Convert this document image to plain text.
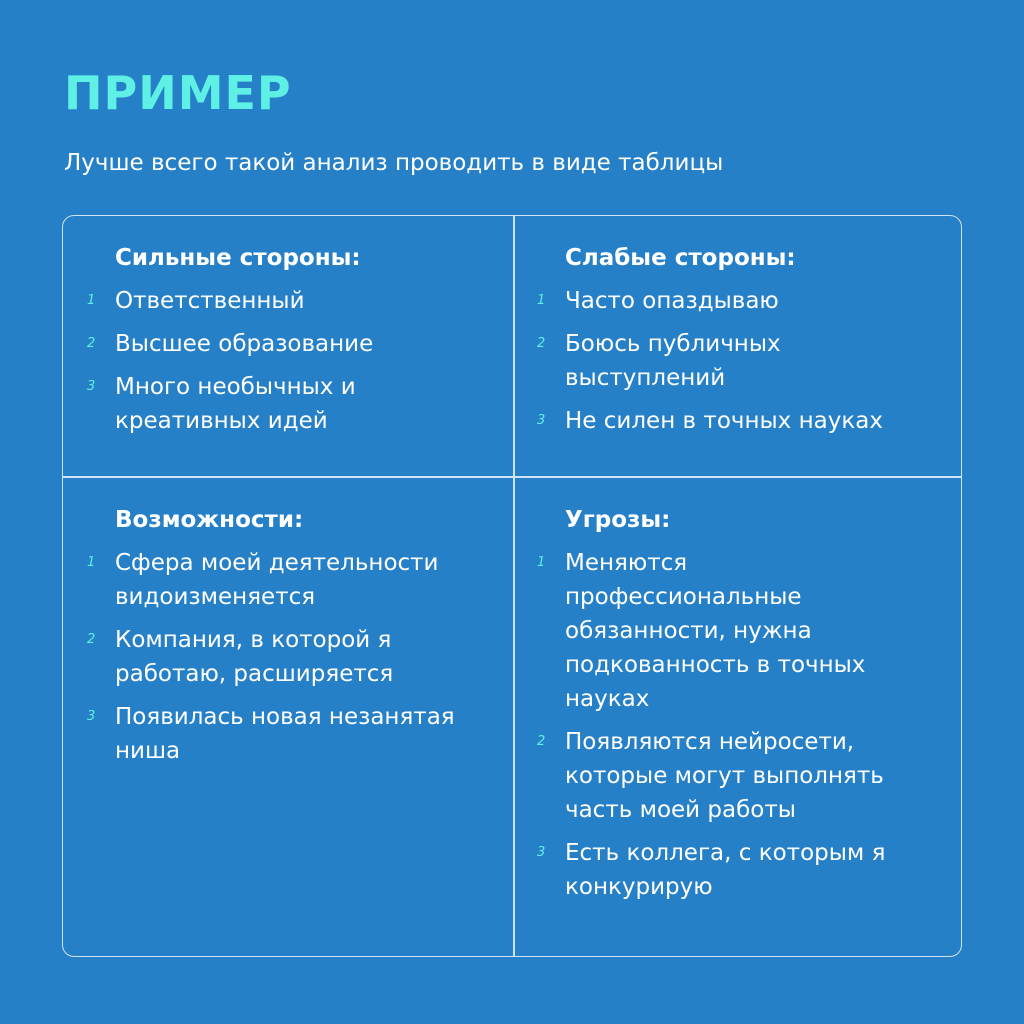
ПРИМЕР

Лучше всего такой анализ проводить в виде таблицы

Сильные стороны:
1 Ответственный
2 Высшее образование
3 Много необычных и креативных идей
Слабые стороны:
1 Часто опаздываю
2 Боюсь публичных выступлений
3 Не силен в точных науках
Возможности:
1 Сфера моей деятельности видоизменяется
2 Компания, в которой я работаю, расширяется
3 Появилась новая незанятая ниша
Угрозы:
1 Меняются профессиональные обязанности, нужна подкованность в точных науках
2 Появляются нейросети, которые могут выполнять часть моей работы
3 Есть коллега, с которым я конкурирую
